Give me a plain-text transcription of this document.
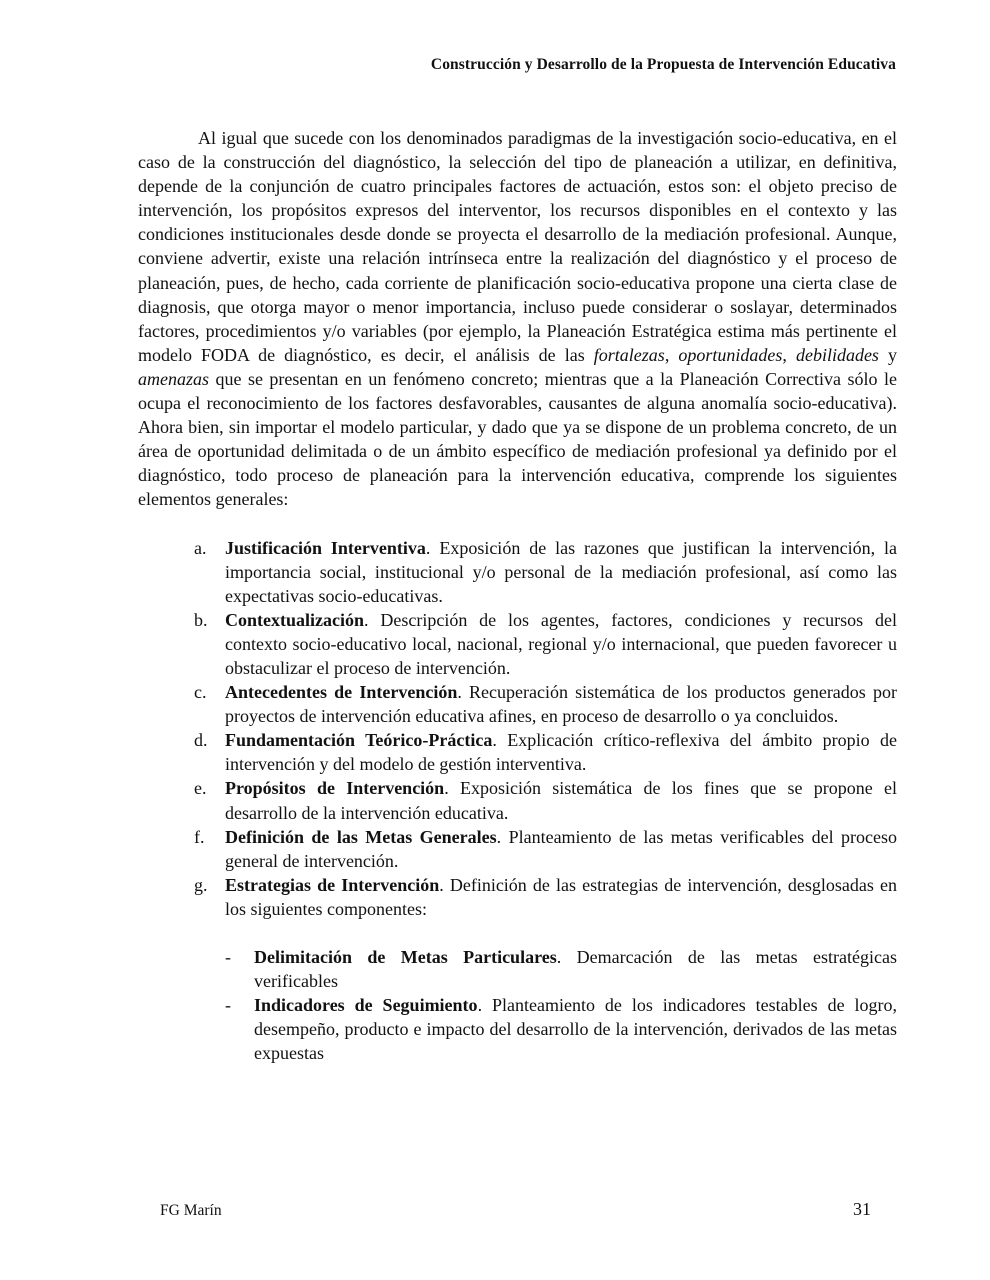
Construcción y Desarrollo de la Propuesta de Intervención Educativa

Al igual que sucede con los denominados paradigmas de la investigación socio-educativa, en el caso de la construcción del diagnóstico, la selección del tipo de planeación a utilizar, en definitiva, depende de la conjunción de cuatro principales factores de actuación, estos son: el objeto preciso de intervención, los propósitos expresos del interventor, los recursos disponibles en el contexto y las condiciones institucionales desde donde se proyecta el desarrollo de la mediación profesional. Aunque, conviene advertir, existe una relación intrínseca entre la realización del diagnóstico y el proceso de planeación, pues, de hecho, cada corriente de planificación socio-educativa propone una cierta clase de diagnosis, que otorga mayor o menor importancia, incluso puede considerar o soslayar, determinados factores, procedimientos y/o variables (por ejemplo, la Planeación Estratégica estima más pertinente el modelo FODA de diagnóstico, es decir, el análisis de las fortalezas, oportunidades, debilidades y amenazas que se presentan en un fenómeno concreto; mientras que a la Planeación Correctiva sólo le ocupa el reconocimiento de los factores desfavorables, causantes de alguna anomalía socio-educativa). Ahora bien, sin importar el modelo particular, y dado que ya se dispone de un problema concreto, de un área de oportunidad delimitada o de un ámbito específico de mediación profesional ya definido por el diagnóstico, todo proceso de planeación para la intervención educativa, comprende los siguientes elementos generales:

a. Justificación Interventiva. Exposición de las razones que justifican la intervención, la importancia social, institucional y/o personal de la mediación profesional, así como las expectativas socio-educativas.
b. Contextualización. Descripción de los agentes, factores, condiciones y recursos del contexto socio-educativo local, nacional, regional y/o internacional, que pueden favorecer u obstaculizar el proceso de intervención.
c. Antecedentes de Intervención. Recuperación sistemática de los productos generados por proyectos de intervención educativa afines, en proceso de desarrollo o ya concluidos.
d. Fundamentación Teórico-Práctica. Explicación crítico-reflexiva del ámbito propio de intervención y del modelo de gestión interventiva.
e. Propósitos de Intervención. Exposición sistemática de los fines que se propone el desarrollo de la intervención educativa.
f. Definición de las Metas Generales. Planteamiento de las metas verificables del proceso general de intervención.
g. Estrategias de Intervención. Definición de las estrategias de intervención, desglosadas en los siguientes componentes:
- Delimitación de Metas Particulares. Demarcación de las metas estratégicas verificables
- Indicadores de Seguimiento. Planteamiento de los indicadores testables de logro, desempeño, producto e impacto del desarrollo de la intervención, derivados de las metas expuestas
FG Marín	31
